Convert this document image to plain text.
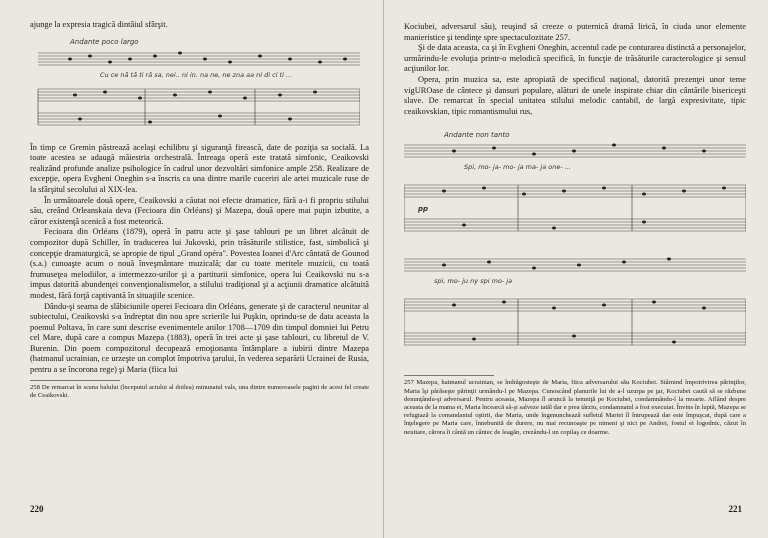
ajunge la expresia tragică dintâiul sfârşit.

Andante poco largo
Cu ce nă tă ti ră sa, nei.. ni in. na ne, ne zna aa ni di ci ti ...

În timp ce Gremin păstrează acelaşi echilibru şi siguranţă firească, date de poziţia sa socială. La toate acestea se adaugă măiestria orchestrală. Întreaga operă este tratată simfonic, Ceaikovski realizând profunde analize psihologice în cadrul unor dezvoltări simfonice ample 258. Realizare de excepţie, opera Evgheni Oneghin s-a înscris ca una dintre marile cuceriri ale artei muzicale ruse de la sfârşitul secolului al XIX-lea.

În următoarele două opere, Ceaikovski a căutat noi efecte dramatice, fără a-i fi propriu stilului său, creând Orleanskaia deva (Fecioara din Orléans) şi Mazepa, două opere mai puţin izbutite, a căror existenţă scenică a fost meteorică.

Fecioara din Orléans (1879), operă în patru acte şi şase tablouri pe un libret alcătuit de compozitor după Schiller, în traducerea lui Jukovski, prin trăsăturile stilistice, fast, simbolică şi concepţie dramaturgică, se apropie de tipul „Grand opéra". Povestea Ioanei d'Arc cântată de Gounod (s.a.) cunoaşte acum o nouă înveşmântare muzicală; dar cu toate meritele muzicii, cu toată frumuseţea melodiilor, a intermezzo-urilor şi a partiturii simfonice, opera lui Ceaikovski nu s-a impus datorită abundenţei convenţionalismelor, a stilului tradiţional şi a acţiunii dramatice alcătuită modest, fără forţă captivantă în situaţiile scenice.

Dându-şi seama de slăbiciunile operei Fecioara din Orléans, generate şi de caracterul neunitar al subiectului, Ceaikovski s-a îndreptat din nou spre scrierile lui Puşkin, oprindu-se de data aceasta la poemul Poltava, în care sunt descrise evenimentele anilor 1708—1709 din timpul domniei lui Petru cel Mare, după care a compus Mazepa (1883), operă în trei acte şi şase tablouri, cu libretul de V. Burenin. Din poem compozitorul decupează emoţionanta întâmplare a iubirii dintre Mazepa (hatmanul ucrainian, ce urzeşte un complot împotriva ţarului, în vederea separării Ucrainei de Rusia, pentru a se încorona rege) şi Maria (fiica lui

258 De remarcat în scena balului (începutul actului al doilea) minunatul vals, una dintre numeroasele pagini de acest fel create de Ceaikovski.

220

Kociubei, adversarul său), reuşind să creeze o puternică dramă lirică, în ciuda unor elemente manieristice şi tendinţe spre spectaculozitate 257.

Şi de data aceasta, ca şi în Evgheni Oneghin, accentul cade pe conturarea distinctă a personajelor, urmărindu-le evoluţia printr-o melodică specifică, în funcţie de trăsăturile caracterologice şi sensul acţiunilor lor.

Opera, prin muzica sa, este apropiată de specificul naţional, datorită prezenţei unor teme vigUROase de cântece şi dansuri populare, alături de unele inspirate chiar din cântările bisericeşti slave. De remarcat în special unitatea stilului melodic cantabil, de largă expresivitate, tipic ceaikovskian, tipic romantismului rus,

Andante non tanto
Spi, mo- ja- mo- ja ma- ja one- ...
pp
spi, mo- ju ny spi mo- ja

257 Mazepa, hatmanul ucrainian, se îndrăgosteşte de Maria, fiica adversarului său Kociubei. Stârnind împotrivirea părinţilor, Maria îşi părăseşte părinţii urmându-l pe Mazepa. Cunoscând planurile lui de a-l uzurpa pe ţar, Kociubei caută să se răzbune denunţându-şi adversarul. Pentru aceasta, Mazepa îl aruncă la temniţă pe Kociubei, condamnându-l la moarte. Aflând despre aceasta de la mama ei, Maria încearcă să-şi salveze tatăl dar e prea târziu, condamnatul a fost executat. Învins în luptă, Mazepa se refugiază la comandantul oştirii, dar Maria, unde îngenunchează sufletul Mariei îl întrupează dar este împuşcat, după care a înţelegere pe Maria care, înnebunită de durere, nu mai recunoaşte pe nimeni şi nici pe Andrei, fostul ei logodnic, căzut în neuitare, cărora îi cântă un cântec de leagăn, crezându-l un copilaş ce doarme.

221
